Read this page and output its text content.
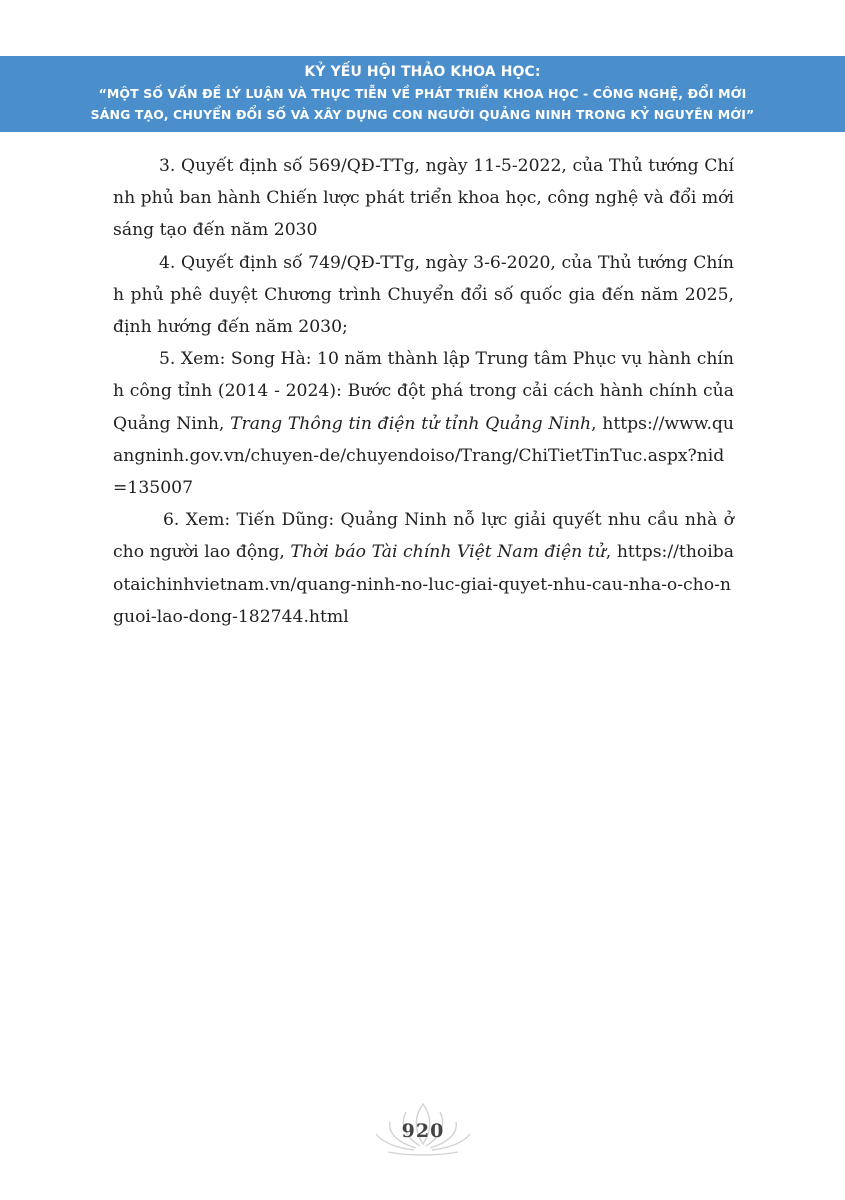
KỶ YẾU HỘI THẢO KHOA HỌC:
“MỘT SỐ VẤN ĐỀ LÝ LUẬN VÀ THỰC TIỄN VỀ PHÁT TRIỂN KHOA HỌC - CÔNG NGHỆ, ĐỔI MỚI
SÁNG TẠO, CHUYỂN ĐỔI SỐ VÀ XÂY DỰNG CON NGƯỜI QUẢNG NINH TRONG KỶ NGUYÊN MỚI”

3. Quyết định số 569/QĐ-TTg, ngày 11-5-2022, của Thủ tướng Chính phủ ban hành Chiến lược phát triển khoa học, công nghệ và đổi mới sáng tạo đến năm 2030

4. Quyết định số 749/QĐ-TTg, ngày 3-6-2020, của Thủ tướng Chính phủ phê duyệt Chương trình Chuyển đổi số quốc gia đến năm 2025, định hướng đến năm 2030;

5. Xem: Song Hà: 10 năm thành lập Trung tâm Phục vụ hành chính công tỉnh (2014 - 2024): Bước đột phá trong cải cách hành chính của Quảng Ninh, Trang Thông tin điện tử tỉnh Quảng Ninh, https://www.quangninh.gov.vn/chuyen-de/chuyendoiso/Trang/ChiTietTinTuc.aspx?nid=135007

6. Xem: Tiến Dũng: Quảng Ninh nỗ lực giải quyết nhu cầu nhà ở cho người lao động, Thời báo Tài chính Việt Nam điện tử, https://thoibaotaichinhvietnam.vn/quang-ninh-no-luc-giai-quyet-nhu-cau-nha-o-cho-nguoi-lao-dong-182744.html

920
